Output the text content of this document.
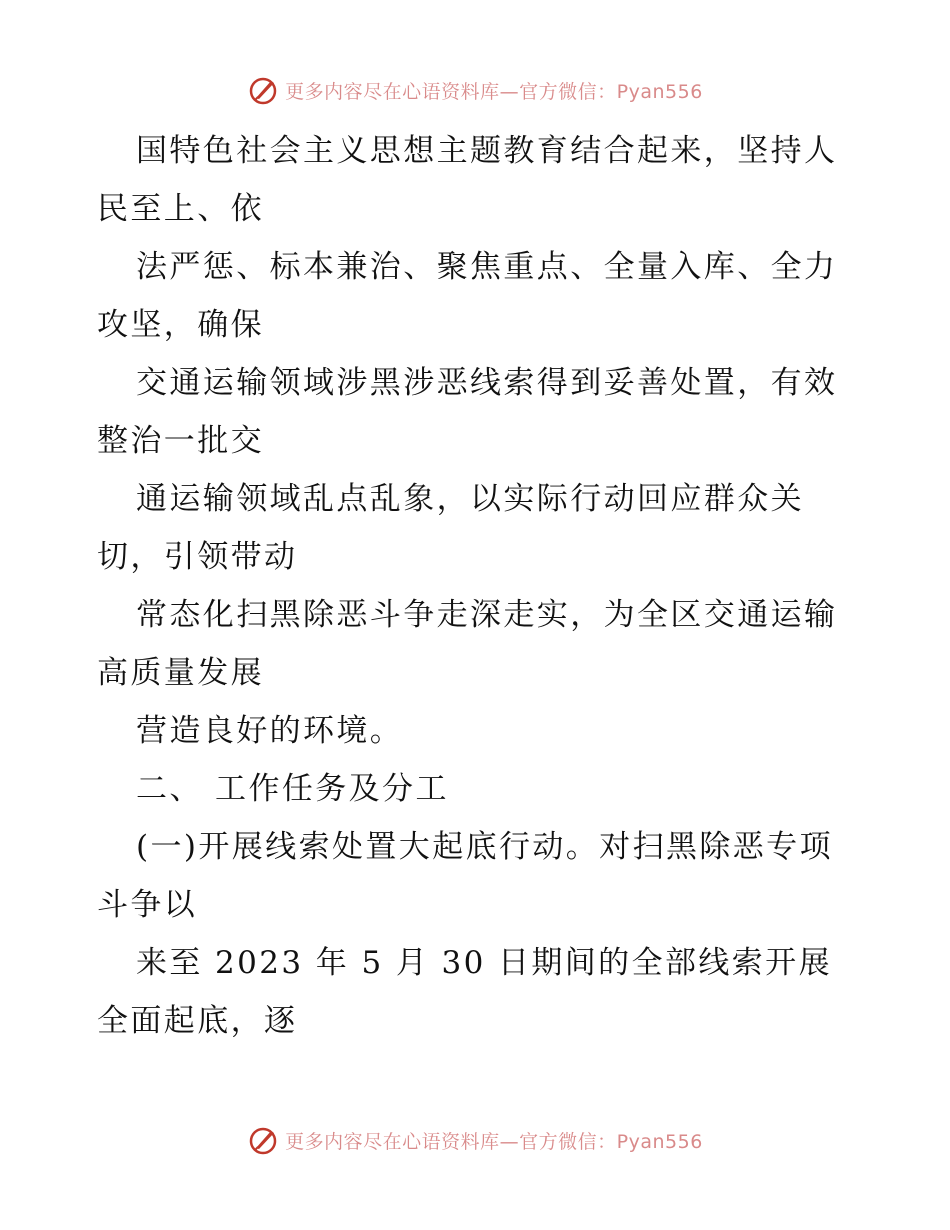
更多内容尽在心语资料库—官方微信：Pyan556
国特色社会主义思想主题教育结合起来，坚持人
民至上、依
法严惩、标本兼治、聚焦重点、全量入库、全力
攻坚，确保
交通运输领域涉黑涉恶线索得到妥善处置，有效
整治一批交
通运输领域乱点乱象，以实际行动回应群众关
切，引领带动
常态化扫黑除恶斗争走深走实，为全区交通运输
高质量发展
营造良好的环境。
二、 工作任务及分工
(一)开展线索处置大起底行动。对扫黑除恶专项
斗争以
来至 2023 年 5 月 30 日期间的全部线索开展
全面起底，逐
更多内容尽在心语资料库—官方微信：Pyan556
